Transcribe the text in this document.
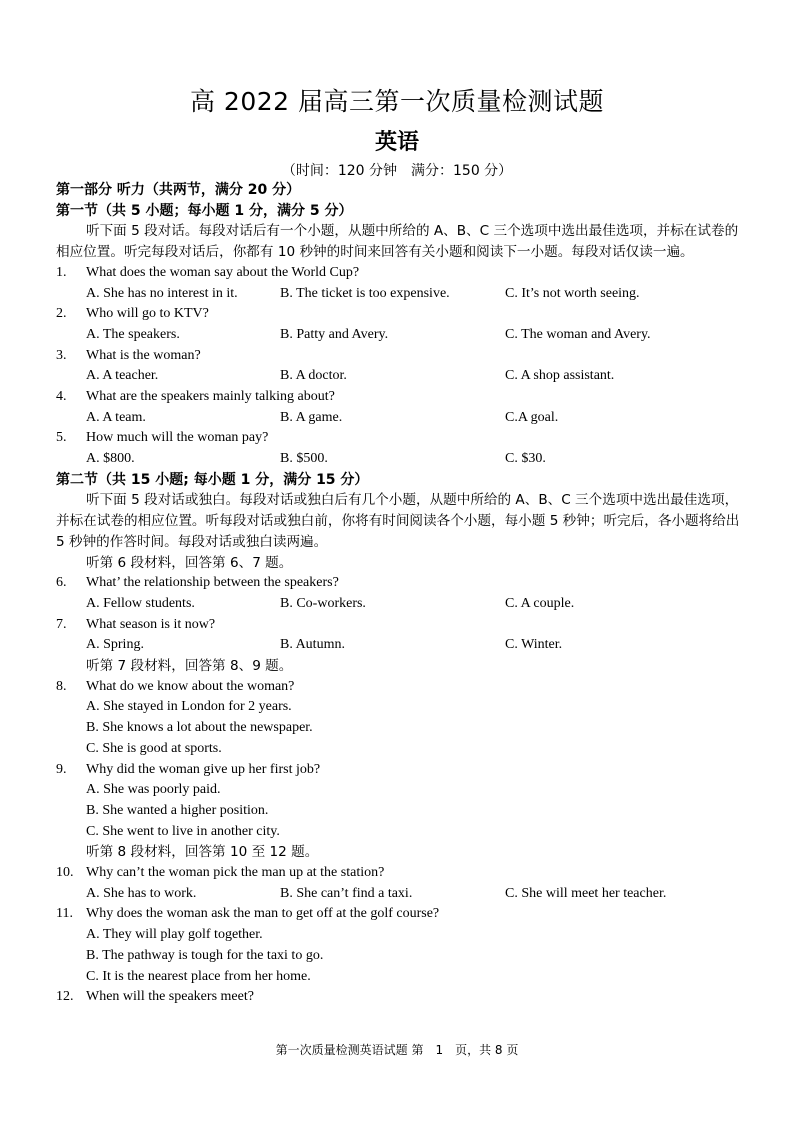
高 2022 届高三第一次质量检测试题
英语
（时间：120 分钟　满分：150 分）
第一部分 听力（共两节，满分 20 分）
第一节（共 5 小题；每小题 1 分，满分 5 分）
听下面 5 段对话。每段对话后有一个小题，从题中所给的 A、B、C 三个选项中选出最佳选项，并标在试卷的相应位置。听完每段对话后，你都有 10 秒钟的时间来回答有关小题和阅读下一小题。每段对话仅读一遍。
1.	What does the woman say about the World Cup?
A. She has no interest in it.	B. The ticket is too expensive.	C. It’s not worth seeing.
2.	Who will go to KTV?
A. The speakers.	B. Patty and Avery.	C. The woman and Avery.
3.	What is the woman?
A. A teacher.	B. A doctor.	C. A shop assistant.
4.	What are the speakers mainly talking about?
A. A team.	B. A game.	C.A goal.
5.	How much will the woman pay?
A. $800.	B. $500.	C. $30.
第二节（共 15 小题; 每小题 1 分，满分 15 分）
听下面 5 段对话或独白。每段对话或独白后有几个小题，从题中所给的 A、B、C 三个选项中选出最佳选项，并标在试卷的相应位置。听每段对话或独白前，你将有时间阅读各个小题，每小题 5 秒钟；听完后，各小题将给出 5 秒钟的作答时间。每段对话或独白读两遍。
听第 6 段材料，回答第 6、7 题。
6.	What’ the relationship between the speakers?
A. Fellow students.	B. Co-workers.	C. A couple.
7.	What season is it now?
A. Spring.	B. Autumn.	C. Winter.
听第 7 段材料，回答第 8、9 题。
8.	What do we know about the woman?
A. She stayed in London for 2 years.
B. She knows a lot about the newspaper.
C. She is good at sports.
9.	Why did the woman give up her first job?
A. She was poorly paid.
B. She wanted a higher position.
C. She went to live in another city.
听第 8 段材料，回答第 10 至 12 题。
10. Why can’t the woman pick the man up at the station?
A. She has to work.	B. She can’t find a taxi.	C. She will meet her teacher.
11. Why does the woman ask the man to get off at the golf course?
A. They will play golf together.
B. The pathway is tough for the taxi to go.
C. It is the nearest place from her home.
12. When will the speakers meet?
第一次质量检测英语试题 第　1　页，共 8 页
